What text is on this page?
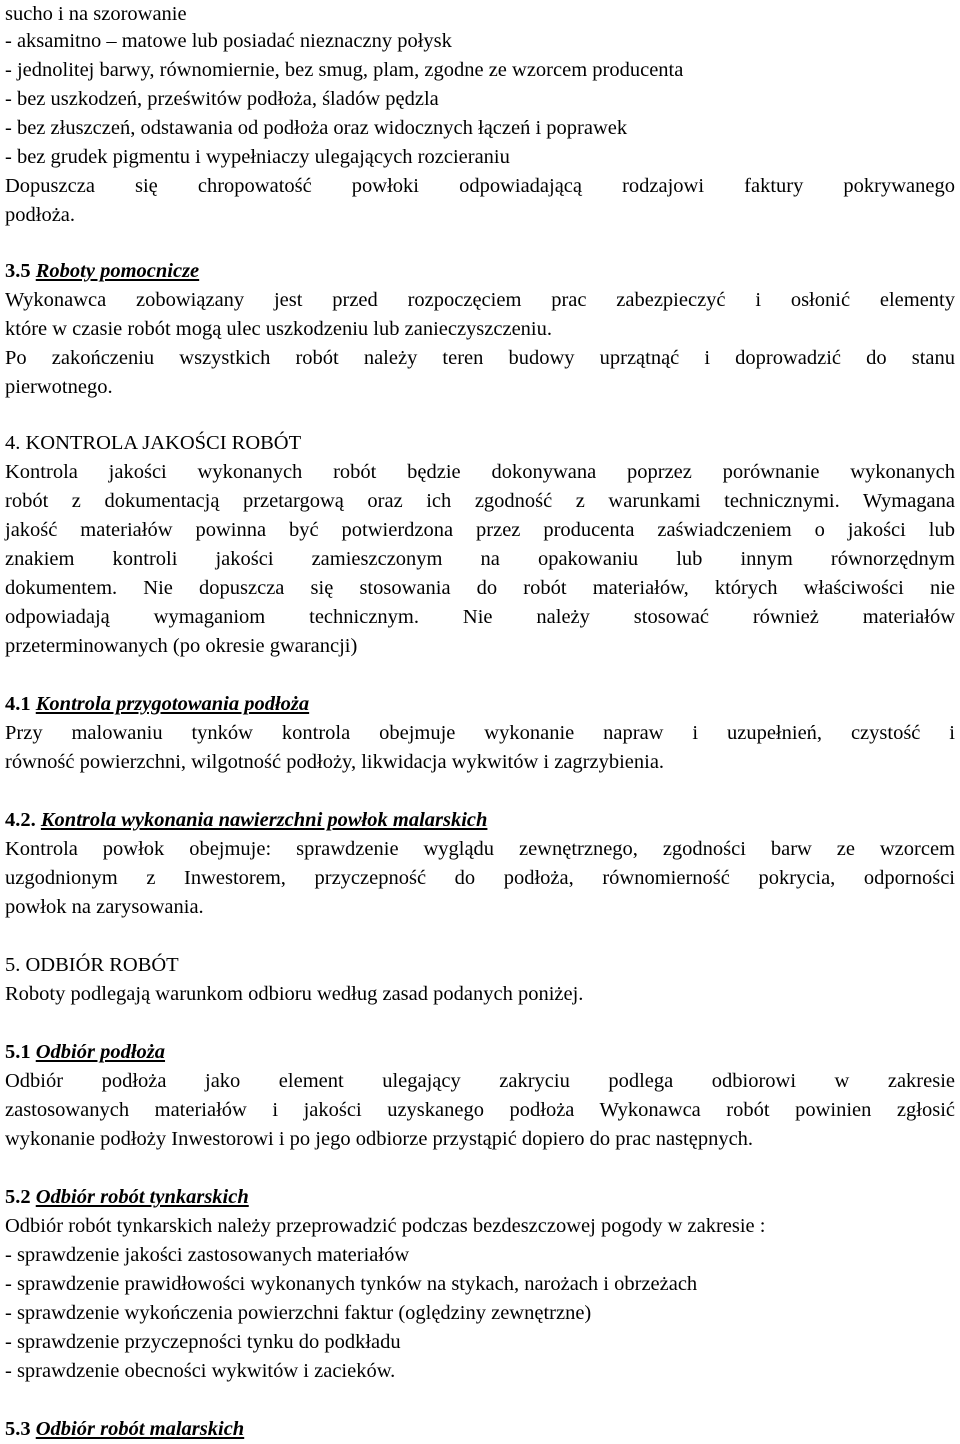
sucho i na szorowanie
- aksamitno – matowe lub posiadać nieznaczny połysk
- jednolitej barwy, równomiernie, bez smug, plam, zgodne ze wzorcem producenta
- bez uszkodzeń, prześwitów podłoża, śladów pędzla
- bez złuszczeń, odstawania od podłoża oraz widocznych łączeń i poprawek
- bez grudek pigmentu i wypełniaczy ulegających rozcieraniu
Dopuszcza się chropowatość powłoki odpowiadającą rodzajowi faktury pokrywanego
podłoża.
3.5 Roboty pomocnicze
Wykonawca zobowiązany jest przed rozpoczęciem prac zabezpieczyć i osłonić elementy
które w czasie robót mogą ulec uszkodzeniu lub zanieczyszczeniu.
Po zakończeniu wszystkich robót należy teren budowy uprzątnąć i doprowadzić do stanu
pierwotnego.
4. KONTROLA JAKOŚCI ROBÓT
Kontrola jakości wykonanych robót będzie dokonywana poprzez porównanie wykonanych
robót z dokumentacją przetargową oraz ich zgodność z warunkami technicznymi. Wymagana
jakość materiałów powinna być potwierdzona przez producenta zaświadczeniem o jakości lub
znakiem kontroli jakości zamieszczonym na opakowaniu lub innym równorzędnym
dokumentem. Nie dopuszcza się stosowania do robót materiałów, których właściwości nie
odpowiadają wymaganiom technicznym. Nie należy stosować również materiałów
przeterminowanych (po okresie gwarancji)
4.1 Kontrola przygotowania podłoża
Przy malowaniu tynków kontrola obejmuje wykonanie napraw i uzupełnień, czystość i
równość powierzchni, wilgotność podłoży, likwidacja wykwitów i zagrzybienia.
4.2. Kontrola wykonania nawierzchni powłok malarskich
Kontrola powłok obejmuje: sprawdzenie wyglądu zewnętrznego, zgodności barw ze wzorcem
uzgodnionym z Inwestorem, przyczepność do podłoża, równomierność pokrycia, odporności
powłok na zarysowania.
5. ODBIÓR ROBÓT
Roboty podlegają warunkom odbioru według zasad podanych poniżej.
5.1 Odbiór podłoża
Odbiór podłoża jako element ulegający zakryciu podlega odbiorowi w zakresie
zastosowanych materiałów i jakości uzyskanego podłoża Wykonawca robót powinien zgłosić
wykonanie podłoży Inwestorowi i po jego odbiorze przystąpić dopiero do prac następnych.
5.2 Odbiór robót tynkarskich
Odbiór robót tynkarskich należy przeprowadzić podczas bezdeszczowej pogody w zakresie :
- sprawdzenie jakości zastosowanych materiałów
- sprawdzenie prawidłowości wykonanych tynków na stykach, narożach i obrzeżach
- sprawdzenie wykończenia powierzchni faktur (oględziny zewnętrzne)
- sprawdzenie przyczepności tynku do podkładu
- sprawdzenie obecności wykwitów i zacieków.
5.3 Odbiór robót malarskich
